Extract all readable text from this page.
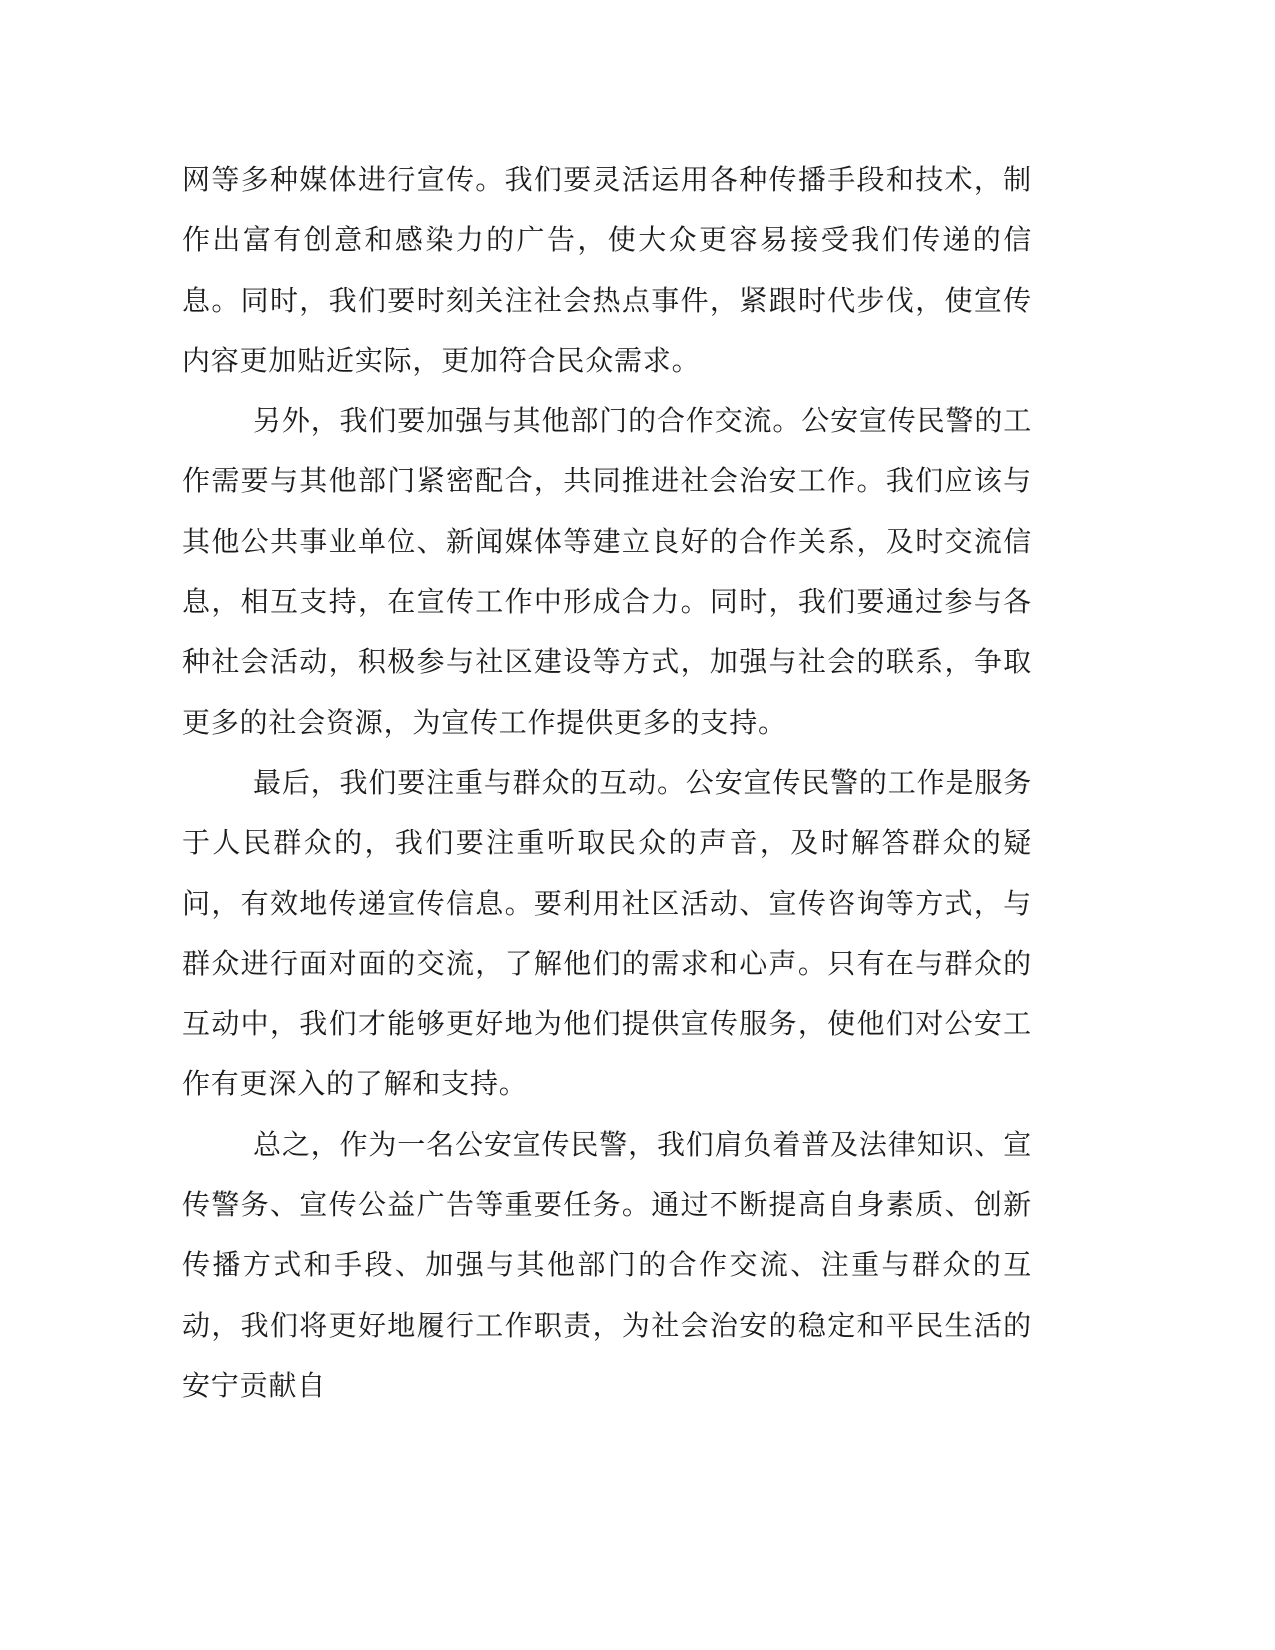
网等多种媒体进行宣传。我们要灵活运用各种传播手段和技术，制作出富有创意和感染力的广告，使大众更容易接受我们传递的信息。同时，我们要时刻关注社会热点事件，紧跟时代步伐，使宣传内容更加贴近实际，更加符合民众需求。

另外，我们要加强与其他部门的合作交流。公安宣传民警的工作需要与其他部门紧密配合，共同推进社会治安工作。我们应该与其他公共事业单位、新闻媒体等建立良好的合作关系，及时交流信息，相互支持，在宣传工作中形成合力。同时，我们要通过参与各种社会活动，积极参与社区建设等方式，加强与社会的联系，争取更多的社会资源，为宣传工作提供更多的支持。

最后，我们要注重与群众的互动。公安宣传民警的工作是服务于人民群众的，我们要注重听取民众的声音，及时解答群众的疑问，有效地传递宣传信息。要利用社区活动、宣传咨询等方式，与群众进行面对面的交流，了解他们的需求和心声。只有在与群众的互动中，我们才能够更好地为他们提供宣传服务，使他们对公安工作有更深入的了解和支持。

总之，作为一名公安宣传民警，我们肩负着普及法律知识、宣传警务、宣传公益广告等重要任务。通过不断提高自身素质、创新传播方式和手段、加强与其他部门的合作交流、注重与群众的互动，我们将更好地履行工作职责，为社会治安的稳定和平民生活的安宁贡献自
